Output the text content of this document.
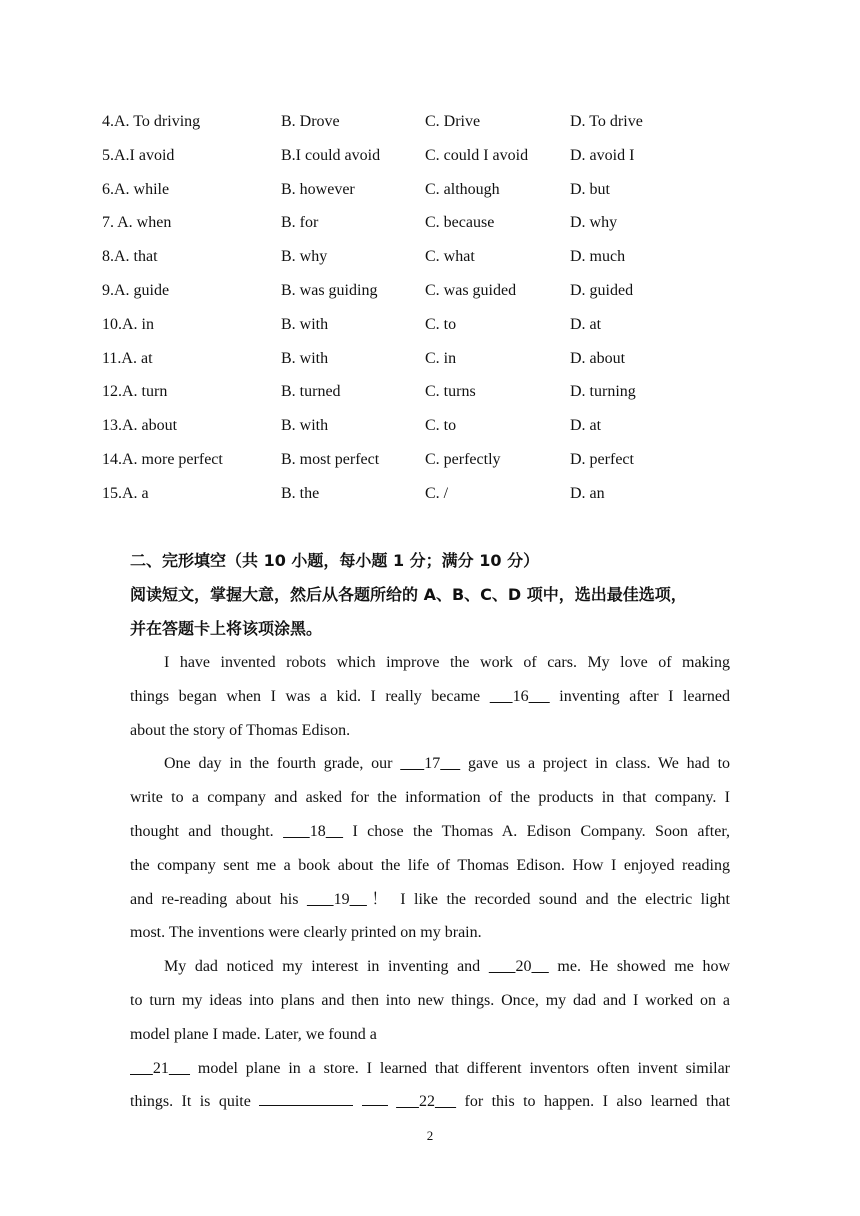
4.A. To driving	B. Drove	C. Drive	D. To drive
5.A.I avoid	B.I could avoid	C. could I avoid	D. avoid I
6.A. while	B. however	C. although	D. but
7. A. when	B. for	C. because	D. why
8.A. that	B. why	C. what	D. much
9.A. guide	B. was guiding	C. was guided	D. guided
10.A. in	B. with	C. to	D. at
11.A. at	B. with	C. in	D. about
12.A. turn	B. turned	C. turns	D. turning
13.A. about	B. with	C. to	D. at
14.A. more perfect	B. most perfect	C. perfectly	D. perfect
15.A. a	B. the	C. /	D. an
二、完形填空（共 10 小题，每小题 1 分；满分 10 分）
阅读短文，掌握大意，然后从各题所给的 A、B、C、D 项中，选出最佳选项，
并在答题卡上将该项涂黑。
I have invented robots which improve the work of cars. My love of making
things began when I was a kid. I really became 16 inventing after I learned
about the story of Thomas Edison.
One day in the fourth grade, our 17 gave us a project in class. We had to
write to a company and asked for the information of the products in that company. I
thought and thought. 18 I chose the Thomas A. Edison Company. Soon after,
the company sent me a book about the life of Thomas Edison. How I enjoyed reading
and re-reading about his 19 ！ I like the recorded sound and the electric light
most. The inventions were clearly printed on my brain.
My dad noticed my interest in inventing and 20 me. He showed me how
to turn my ideas into plans and then into new things. Once, my dad and I worked on a
model plane I made. Later, we found a
21 model plane in a store. I learned that different inventors often invent similar
things. It is quite	22 for this to happen. I also learned that
2
